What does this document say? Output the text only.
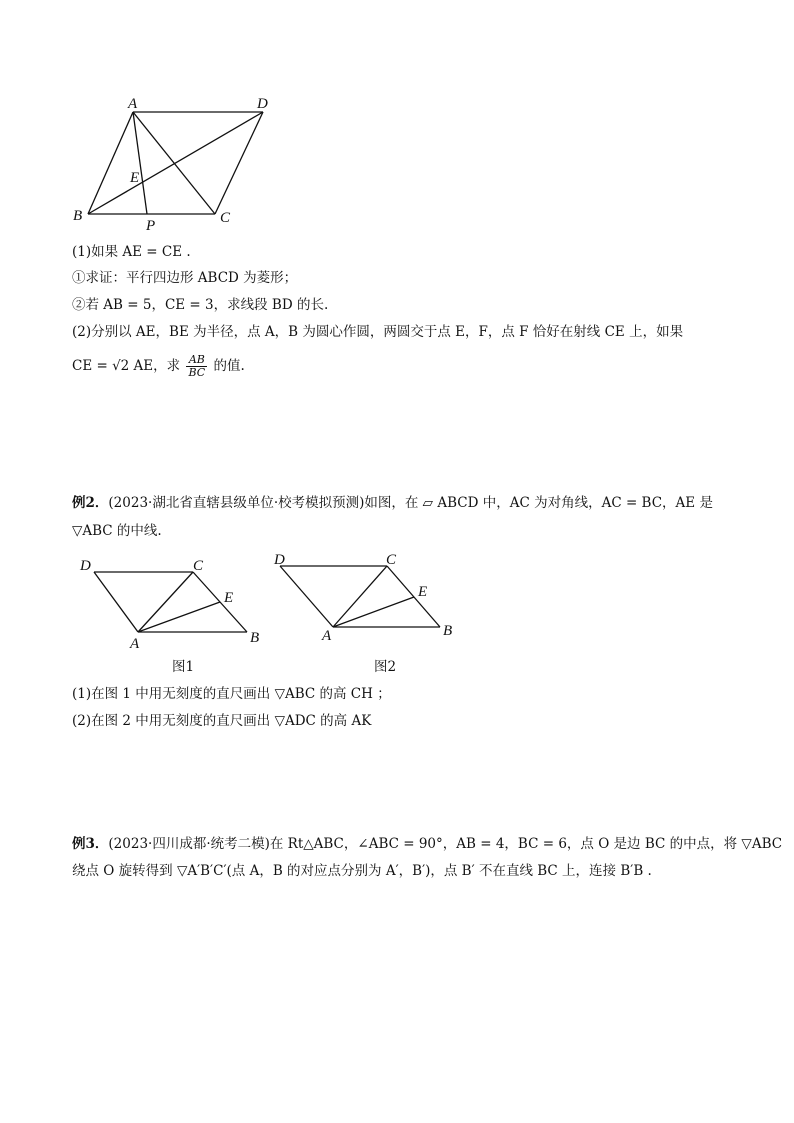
A	D
E
B
P	C
(1)如果 AE = CE .
①求证：平行四边形 ABCD 为菱形；
②若 AB = 5，CE = 3，求线段 BD 的长.
(2)分别以 AE，BE 为半径，点 A，B 为圆心作圆，两圆交于点 E，F，点 F 恰好在射线 CE 上，如果
CE = √2 AE，求 $\frac{AB}{BC}$ 的值.
例2．(2023·湖北省直辖县级单位·校考模拟预测)如图，在 ▱ ABCD 中，AC 为对角线，AC = BC，AE 是
▽ABC 的中线.
D	C
E
A	B
图1
D	C
E
A	B
图2
(1)在图 1 中用无刻度的直尺画出 ▽ABC 的高 CH ；
(2)在图 2 中用无刻度的直尺画出 ▽ADC 的高 AK
例3．(2023·四川成都·统考二模)在 Rt△ABC，∠ABC = 90°，AB = 4，BC = 6，点 O 是边 BC 的中点，将 ▽ABC
绕点 O 旋转得到 ▽A′B′C′(点 A，B 的对应点分别为 A′，B′)，点 B′ 不在直线 BC 上，连接 B′B .
